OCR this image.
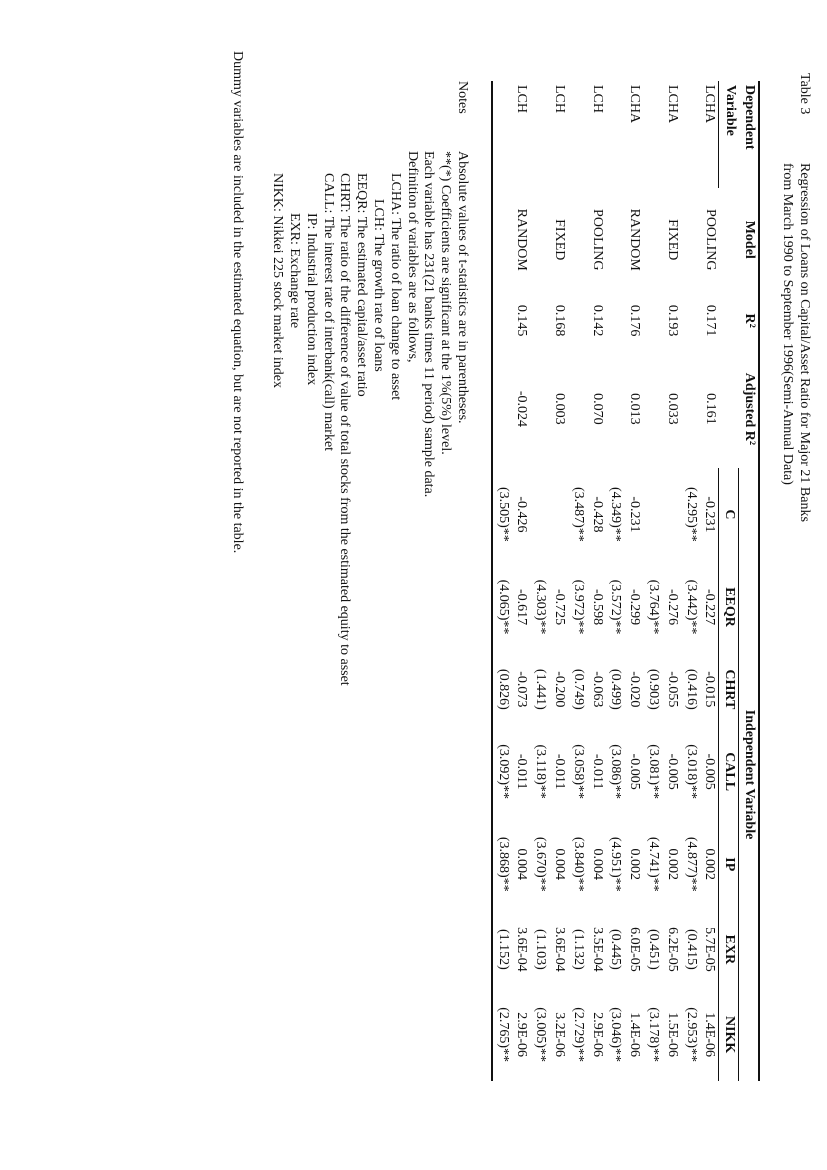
Table 3
Regression of Loans on Capital/Asset Ratio for Major 21 Banks
from March 1990 to September 1996(Semi-Annual Data)
Dependent	Model	R²	Adjusted R²	Independent Variable						
Variable				C	EEQR	CHRT	CALL	IP	EXR	NIKK
LCHA	POOLING	0.171	0.161	-0.231	-0.227	-0.015	-0.005	0.002	5.7E-05	1.4E-06
				(4.295)**	(3.442)**	(0.416)	(3.018)**	(4.877)**	(0.415)	(2.953)**
LCHA	FIXED	0.193	0.033		-0.276	-0.055	-0.005	0.002	6.2E-05	1.5E-06
					(3.764)**	(0.903)	(3.081)**	(4.741)**	(0.451)	(3.178)**
LCHA	RANDOM	0.176	0.013	-0.231	-0.299	-0.020	-0.005	0.002	6.0E-05	1.4E-06
				(4.349)**	(3.572)**	(0.499)	(3.086)**	(4.951)**	(0.445)	(3.046)**
LCH	POOLING	0.142	0.070	-0.428	-0.598	-0.063	-0.011	0.004	3.5E-04	2.9E-06
				(3.487)**	(3.972)**	(0.749)	(3.058)**	(3.840)**	(1.132)	(2.729)**
LCH	FIXED	0.168	0.003		-0.725	-0.200	-0.011	0.004	3.6E-04	3.2E-06
					(4.303)**	(1.441)	(3.118)**	(3.670)**	(1.103)	(3.005)**
LCH	RANDOM	0.145	-0.024	-0.426	-0.617	-0.073	-0.011	0.004	3.6E-04	2.9E-06
				(3.505)**	(4.065)**	(0.826)	(3.092)**	(3.868)**	(1.152)	(2.765)**
Notes
Absolute values of t-statistics are in parentheses.
**(*) Coefficients are significant at the 1%(5%) level.
Each variable has 231(21 banks times 11 period) sample data.
Definition of variables are as follows,
LCHA: The ratio of loan change to asset
LCH: The growth rate of loans
EEQR: The estimated capital/asset ratio
CHRT: The ratio of the difference of value of total stocks from the estimated equity to asset
CALL: The interest rate of interbank(call) market
IP: Industrial production index
EXR: Exchange rate
NIKK: Nikkei 225 stock market index
Dummy variables are included in the estimated equation, but are not reported in the table.
